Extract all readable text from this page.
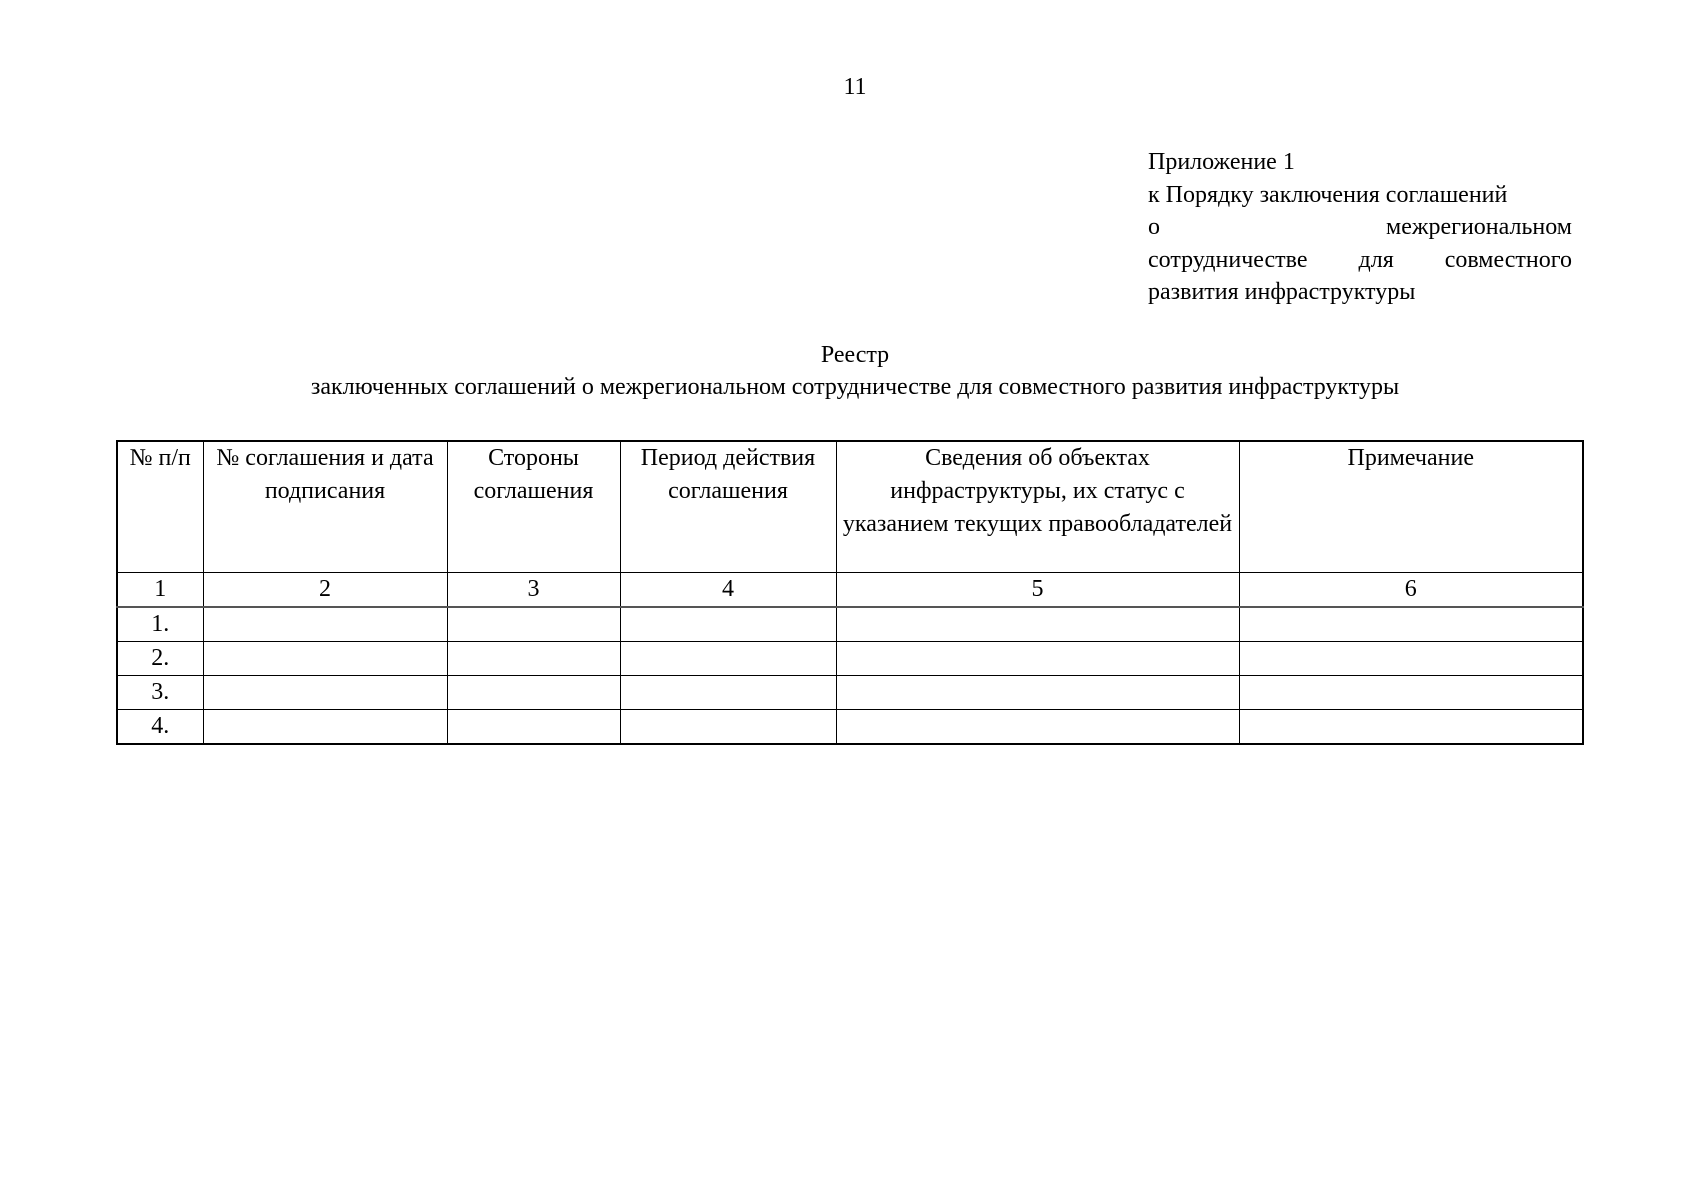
11
Приложение 1
к Порядку заключения соглашений
о	межрегиональном
сотрудничестве для совместного
развития инфраструктуры
Реестр
заключенных соглашений о межрегиональном сотрудничестве для совместного развития инфраструктуры
№ п/п	№ соглашения и дата подписания	Стороны соглашения	Период действия соглашения	Сведения об объектах инфраструктуры, их статус с указанием текущих правообладателей	Примечание
1	2	3	4	5	6
1.					
2.					
3.					
4.					
